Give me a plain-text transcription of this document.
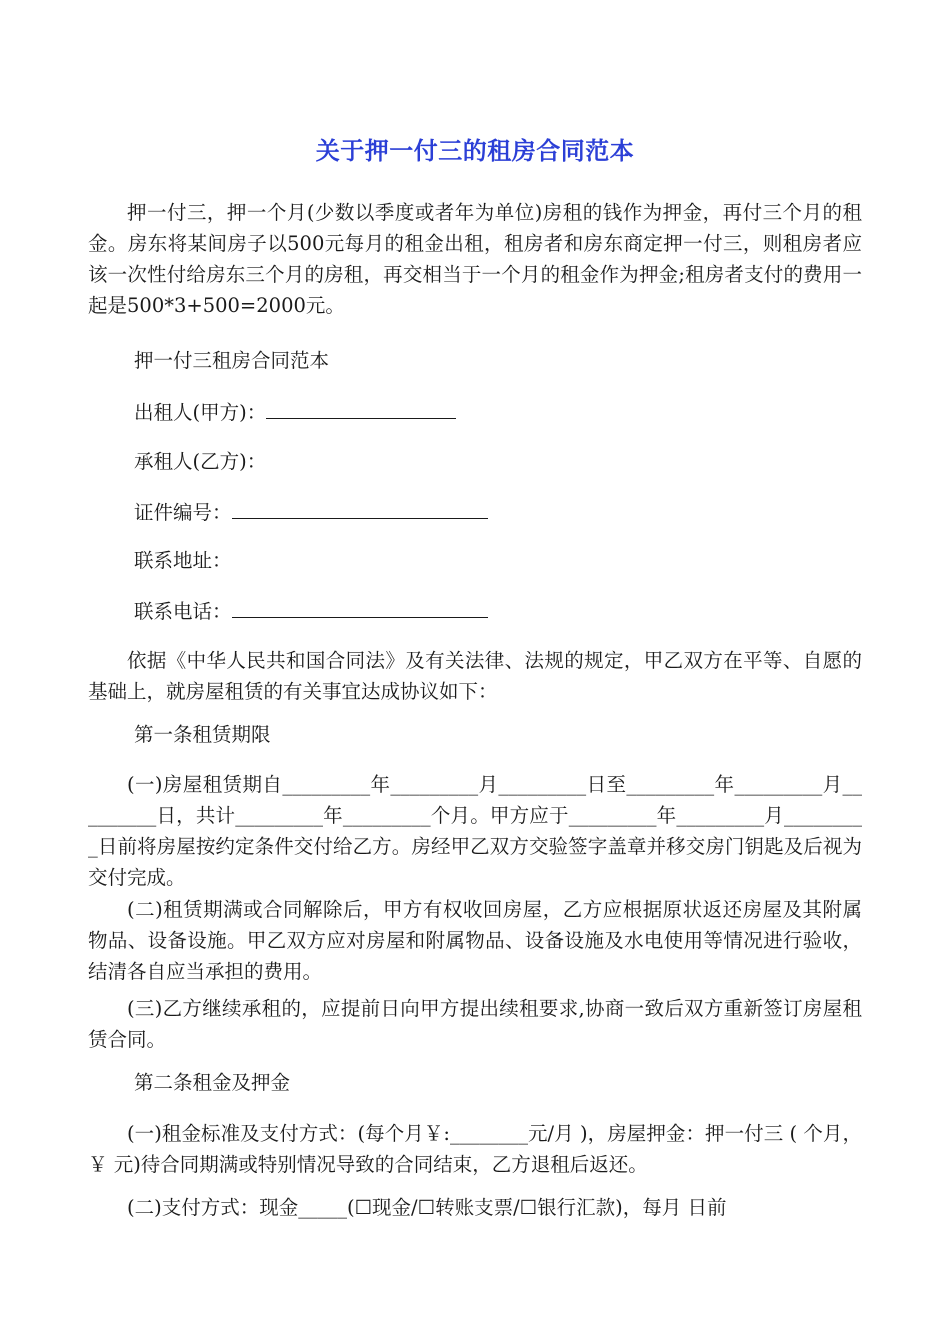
关于押一付三的租房合同范本
押一付三，押一个月(少数以季度或者年为单位)房租的钱作为押金，再付三个月的租金。房东将某间房子以500元每月的租金出租，租房者和房东商定押一付三，则租房者应该一次性付给房东三个月的房租，再交相当于一个月的租金作为押金;租房者支付的费用一起是500*3+500=2000元。
押一付三租房合同范本
出租人(甲方)：
承租人(乙方)：
证件编号：
联系地址：
联系电话：
依据《中华人民共和国合同法》及有关法律、法规的规定，甲乙双方在平等、自愿的基础上，就房屋租赁的有关事宜达成协议如下：
第一条租赁期限
(一)房屋租赁期自_________年_________月_________日至_________年_________月_________日，共计_________年_________个月。甲方应于_________年_________月_________日前将房屋按约定条件交付给乙方。房经甲乙双方交验签字盖章并移交房门钥匙及后视为交付完成。
(二)租赁期满或合同解除后，甲方有权收回房屋，乙方应根据原状返还房屋及其附属物品、设备设施。甲乙双方应对房屋和附属物品、设备设施及水电使用等情况进行验收，结清各自应当承担的费用。
(三)乙方继续承租的，应提前日向甲方提出续租要求,协商一致后双方重新签订房屋租赁合同。
第二条租金及押金
(一)租金标准及支付方式：(每个月￥:________元/月 )，房屋押金：押一付三 ( 个月，￥ 元)待合同期满或特别情况导致的合同结束，乙方退租后返还。
(二)支付方式：现金_____(☐现金/☐转账支票/☐银行汇款)，每月 日前
